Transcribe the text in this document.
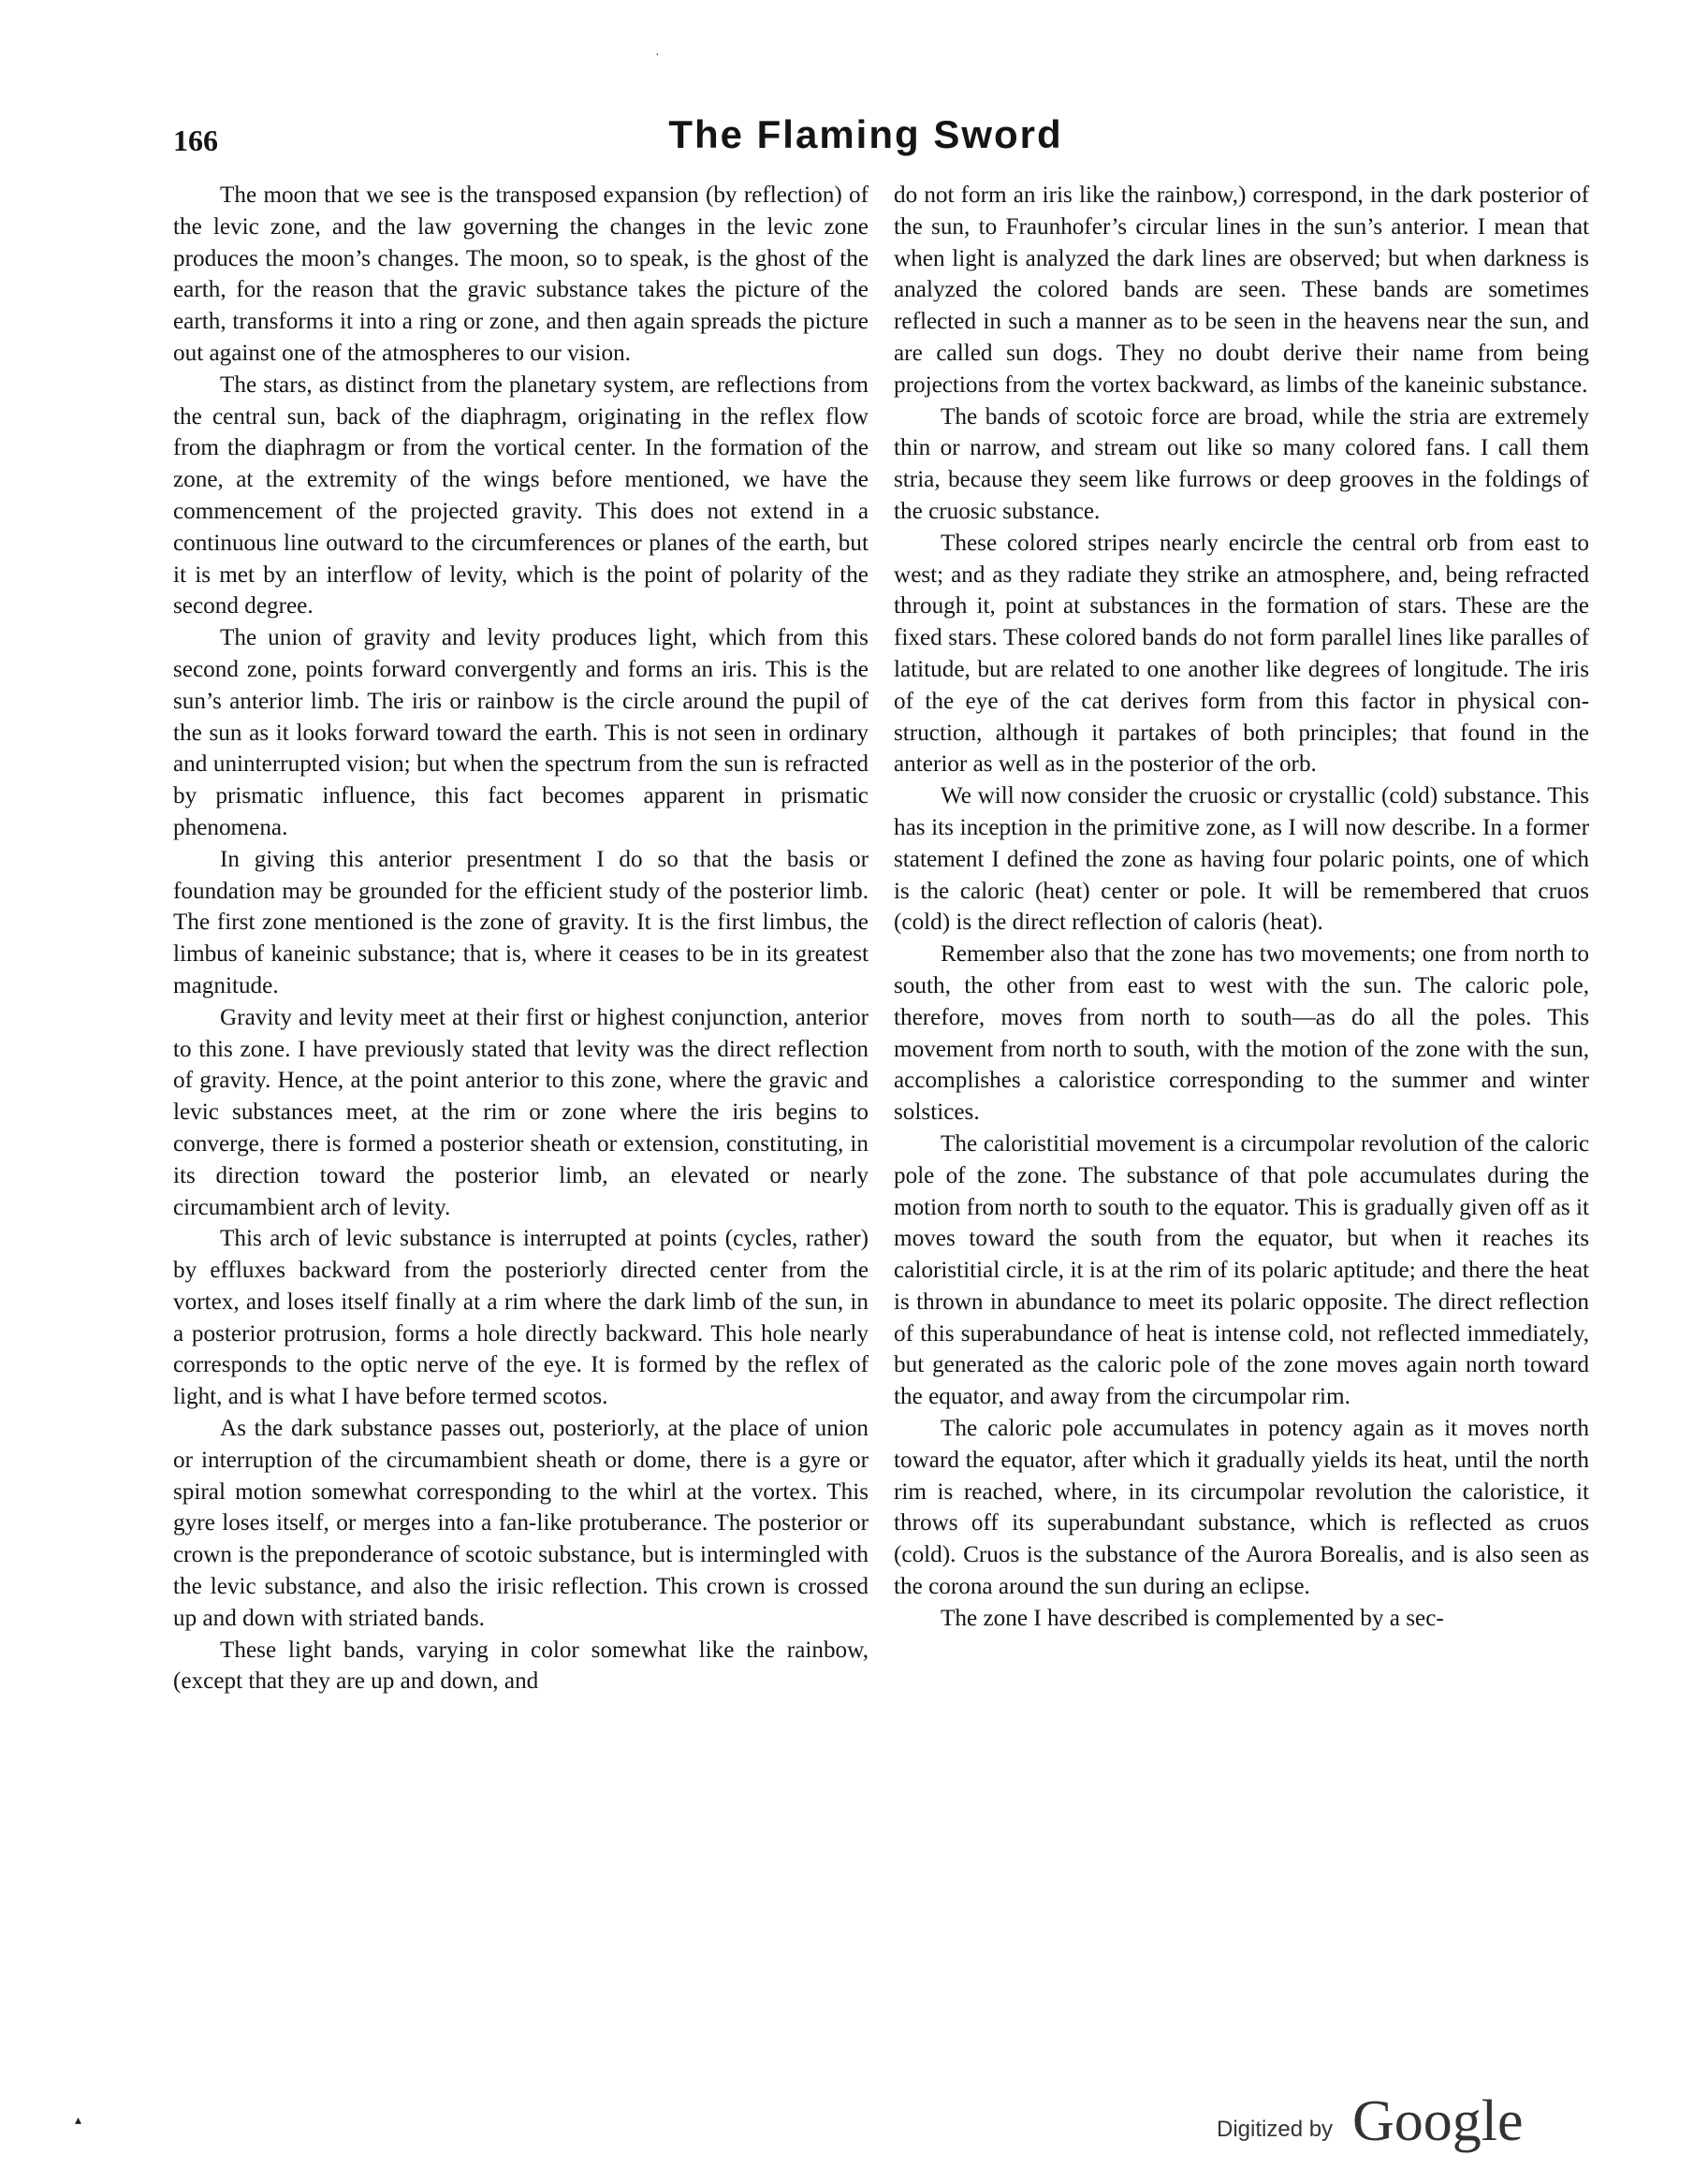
·
166	The Flaming Sword

The moon that we see is the transposed expansion (by reflection) of the levic zone, and the law governing the changes in the levic zone produces the moon’s changes. The moon, so to speak, is the ghost of the earth, for the reason that the gravic substance takes the picture of the earth, transforms it into a ring or zone, and then again spreads the picture out against one of the atmospheres to our vision.

The stars, as distinct from the planetary system, are reflections from the central sun, back of the diaphragm, originating in the reflex flow from the diaphragm or from the vortical center. In the formation of the zone, at the extremity of the wings before mentioned, we have the commencement of the projected gravity. This does not extend in a continuous line outward to the circumferences or planes of the earth, but it is met by an interflow of levity, which is the point of polarity of the second degree.

The union of gravity and levity produces light, which from this second zone, points forward convergently and forms an iris. This is the sun’s anterior limb. The iris or rainbow is the circle around the pupil of the sun as it looks forward toward the earth. This is not seen in ordinary and uninterrupted vision; but when the spectrum from the sun is refracted by prismatic influence, this fact becomes apparent in prismatic phenomena.

In giving this anterior presentment I do so that the basis or foundation may be grounded for the efficient study of the posterior limb. The first zone mentioned is the zone of gravity. It is the first limbus, the limbus of kaneinic substance; that is, where it ceases to be in its greatest magnitude.

Gravity and levity meet at their first or highest conjunction, anterior to this zone. I have previously stated that levity was the direct reflection of gravity. Hence, at the point anterior to this zone, where the gravic and levic substances meet, at the rim or zone where the iris begins to converge, there is formed a posterior sheath or extension, constituting, in its direction toward the posterior limb, an elevated or nearly circumambient arch of levity.

This arch of levic substance is interrupted at points (cycles, rather) by effluxes backward from the posteriorly directed center from the vortex, and loses itself finally at a rim where the dark limb of the sun, in a posterior protrusion, forms a hole directly backward. This hole nearly corresponds to the optic nerve of the eye. It is formed by the reflex of light, and is what I have before termed scotos.

As the dark substance passes out, posteriorly, at the place of union or interruption of the circumambient sheath or dome, there is a gyre or spiral motion somewhat corresponding to the whirl at the vortex. This gyre loses itself, or merges into a fan-like protuberance. The posterior or crown is the preponderance of scotoic substance, but is intermingled with the levic substance, and also the irisic reflection. This crown is crossed up and down with striated bands.

These light bands, varying in color somewhat like the rainbow, (except that they are up and down, and

do not form an iris like the rainbow,) correspond, in the dark posterior of the sun, to Fraunhofer’s circular lines in the sun’s anterior. I mean that when light is analyzed the dark lines are observed; but when darkness is analyzed the colored bands are seen. These bands are sometimes reflected in such a manner as to be seen in the heavens near the sun, and are called sun dogs. They no doubt derive their name from being projections from the vortex backward, as limbs of the kaneinic substance.

The bands of scotoic force are broad, while the stria are extremely thin or narrow, and stream out like so many colored fans. I call them stria, because they seem like furrows or deep grooves in the foldings of the cruosic substance.

These colored stripes nearly encircle the central orb from east to west; and as they radiate they strike an atmosphere, and, being refracted through it, point at substances in the formation of stars. These are the fixed stars. These colored bands do not form parallel lines like paralles of latitude, but are related to one another like degrees of longitude. The iris of the eye of the cat derives form from this factor in physical construction, although it partakes of both principles; that found in the anterior as well as in the posterior of the orb.

We will now consider the cruosic or crystallic (cold) substance. This has its inception in the primitive zone, as I will now describe. In a former statement I defined the zone as having four polaric points, one of which is the caloric (heat) center or pole. It will be remembered that cruos (cold) is the direct reflection of caloris (heat).

Remember also that the zone has two movements; one from north to south, the other from east to west with the sun. The caloric pole, therefore, moves from north to south—as do all the poles. This movement from north to south, with the motion of the zone with the sun, accomplishes a caloristice corresponding to the summer and winter solstices.

The caloristitial movement is a circumpolar revolution of the caloric pole of the zone. The substance of that pole accumulates during the motion from north to south to the equator. This is gradually given off as it moves toward the south from the equator, but when it reaches its caloristitial circle, it is at the rim of its polaric aptitude; and there the heat is thrown in abundance to meet its polaric opposite. The direct reflection of this superabundance of heat is intense cold, not reflected immediately, but generated as the caloric pole of the zone moves again north toward the equator, and away from the circumpolar rim.

The caloric pole accumulates in potency again as it moves north toward the equator, after which it gradually yields its heat, until the north rim is reached, where, in its circumpolar revolution the caloristice, it throws off its superabundant substance, which is reflected as cruos (cold). Cruos is the substance of the Aurora Borealis, and is also seen as the corona around the sun during an eclipse.

The zone I have described is complemented by a sec-

▴	Digitized by Google
